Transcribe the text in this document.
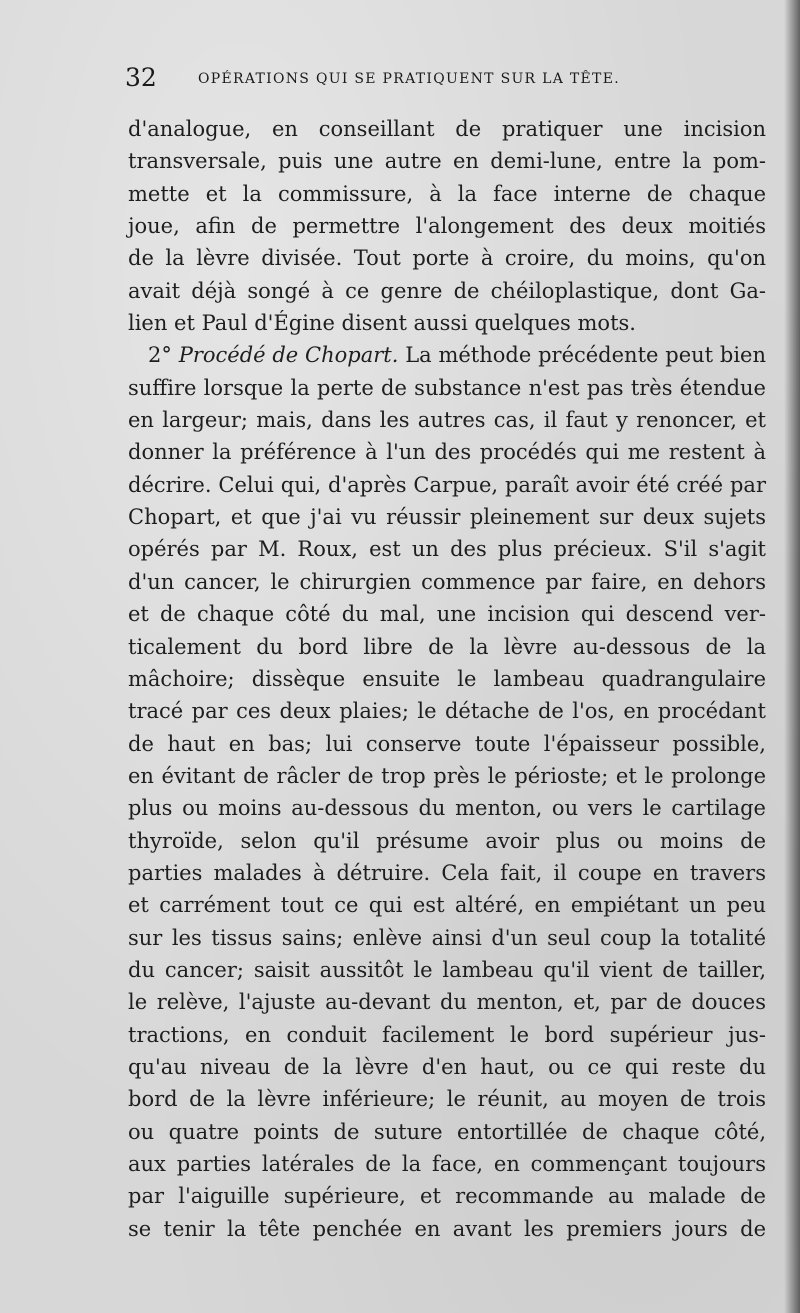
32	OPÉRATIONS QUI SE PRATIQUENT SUR LA TÊTE.
d'analogue, en conseillant de pratiquer une incision
transversale, puis une autre en demi-lune, entre la pom-
mette et la commissure, à la face interne de chaque
joue, afin de permettre l'alongement des deux moitiés
de la lèvre divisée. Tout porte à croire, du moins, qu'on
avait déjà songé à ce genre de chéiloplastique, dont Ga-
lien et Paul d'Égine disent aussi quelques mots.
2° Procédé de Chopart. La méthode précédente peut bien
suffire lorsque la perte de substance n'est pas très étendue
en largeur; mais, dans les autres cas, il faut y renoncer, et
donner la préférence à l'un des procédés qui me restent à
décrire. Celui qui, d'après Carpue, paraît avoir été créé par
Chopart, et que j'ai vu réussir pleinement sur deux sujets
opérés par M. Roux, est un des plus précieux. S'il s'agit
d'un cancer, le chirurgien commence par faire, en dehors
et de chaque côté du mal, une incision qui descend ver-
ticalement du bord libre de la lèvre au-dessous de la
mâchoire; dissèque ensuite le lambeau quadrangulaire
tracé par ces deux plaies; le détache de l'os, en procédant
de haut en bas; lui conserve toute l'épaisseur possible,
en évitant de râcler de trop près le périoste; et le prolonge
plus ou moins au-dessous du menton, ou vers le cartilage
thyroïde, selon qu'il présume avoir plus ou moins de
parties malades à détruire. Cela fait, il coupe en travers
et carrément tout ce qui est altéré, en empiétant un peu
sur les tissus sains; enlève ainsi d'un seul coup la totalité
du cancer; saisit aussitôt le lambeau qu'il vient de tailler,
le relève, l'ajuste au-devant du menton, et, par de douces
tractions, en conduit facilement le bord supérieur jus-
qu'au niveau de la lèvre d'en haut, ou ce qui reste du
bord de la lèvre inférieure; le réunit, au moyen de trois
ou quatre points de suture entortillée de chaque côté,
aux parties latérales de la face, en commençant toujours
par l'aiguille supérieure, et recommande au malade de
se tenir la tête penchée en avant les premiers jours de
